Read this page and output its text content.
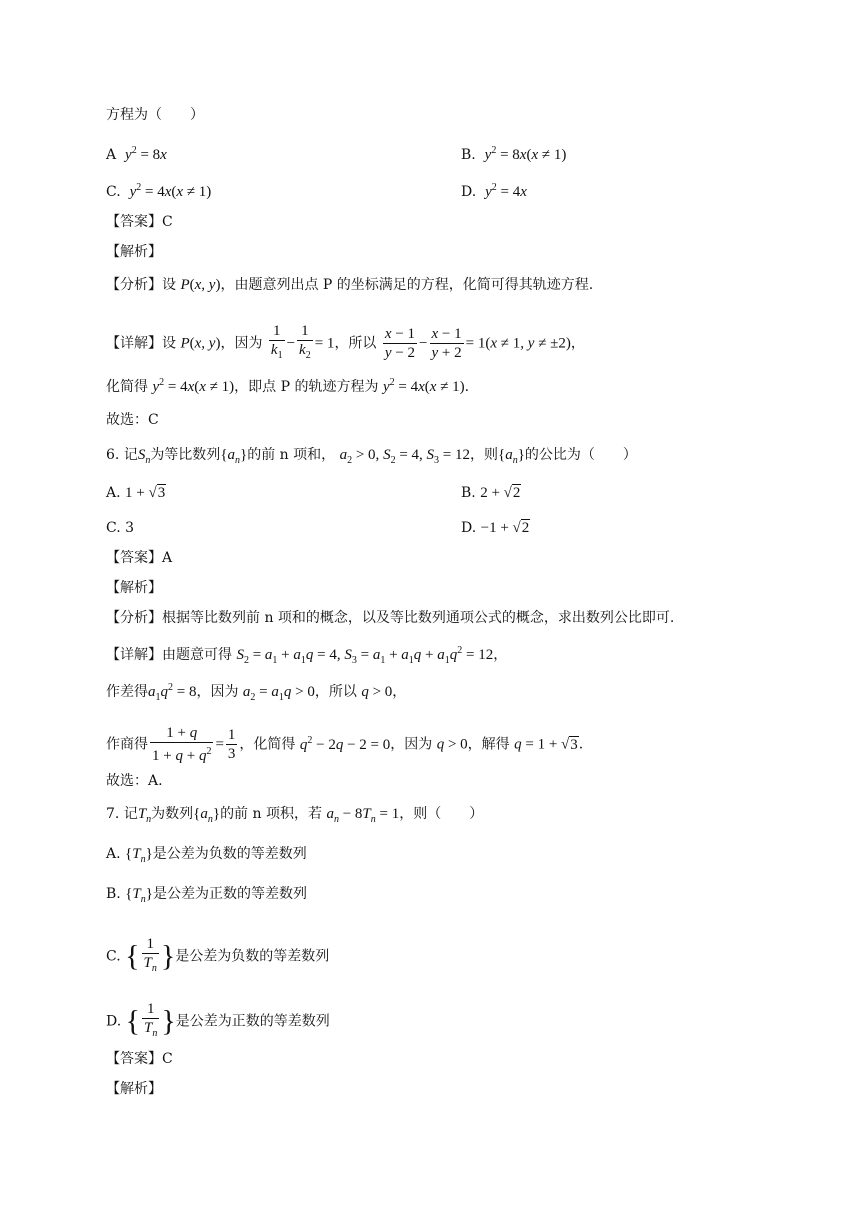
方程为（　　）
A $y^2 = 8x$	B. $y^2 = 8x(x \ne 1)$
C. $y^2 = 4x(x \ne 1)$	D. $y^2 = 4x$
【答案】C
【解析】
【分析】设 P(x, y)，由题意列出点 P 的坐标满足的方程，化简可得其轨迹方程.
【详解】设 P(x, y)，因为 $\frac{1}{k_1} - \frac{1}{k_2} = 1$，所以 $\frac{x - 1}{y - 2} - \frac{x - 1}{y + 2} = 1(x \ne 1$, y ≠ ±2)，
化简得 $y^2 = 4x(x \ne 1)$，即点 P 的轨迹方程为 $y^2 = 4x(x \ne 1)$.
故选：C
6. 记$S_n$为等比数列$\{a_n\}$的前 n 项和， $a_2 > 0$, $S_2 = 4$, $S_3 = 12$，则$\{a_n\}$的公比为（　　）
A. 1 + √3	B. 2 + √2
C. 3	D. −1 + √2
【答案】A
【解析】
【分析】根据等比数列前 n 项和的概念，以及等比数列通项公式的概念，求出数列公比即可.
【详解】由题意可得 $S_2 = a_1 + a_1q = 4$, $S_3 = a_1 + a_1q + a_1q^2 = 12$，
作差得$a_1q^2 = 8$，因为 $a_2 = a_1q > 0$，所以 q > 0，
作商得 $\frac{1 + q}{1 + q + q^2} = \frac{1}{3}$ ，化简得 $q^2 - 2q - 2 = 0$，因为 q > 0，解得 q = 1 + √3.
故选：A.
7. 记$T_n$为数列$\{a_n\}$的前 n 项积，若 $a_n - 8T_n = 1$，则（　　）
A. $\{T_n\}$是公差为负数的等差数列
B. $\{T_n\}$是公差为正数的等差数列
C. { $\frac{1}{T_n}$ }是公差为负数的等差数列
D. { $\frac{1}{T_n}$ }是公差为正数的等差数列
【答案】C
【解析】
